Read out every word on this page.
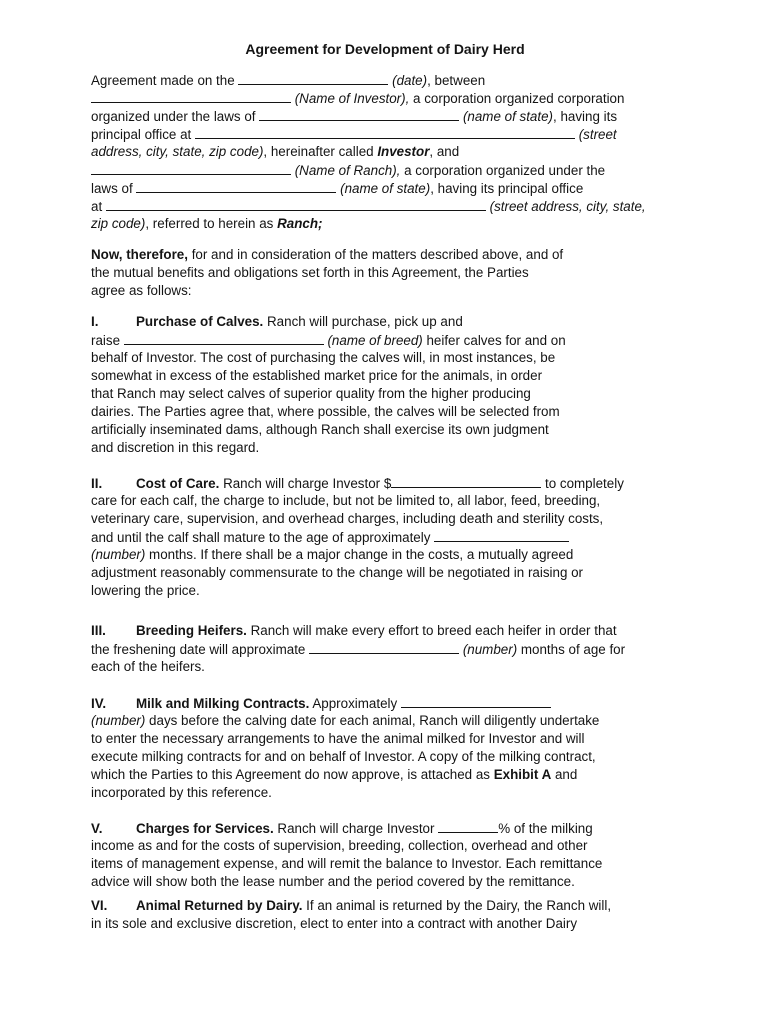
Agreement for Development of Dairy Herd
Agreement made on the	(date), between
(Name of Investor), a corporation organized corporation
organized under the laws of	(name of state), having its
principal office at	(street
address, city, state, zip code), hereinafter called Investor, and
(Name of Ranch), a corporation organized under the
laws of	(name of state), having its principal office
at	(street address, city, state,
zip code), referred to herein as Ranch;
Now, therefore, for and in consideration of the matters described above, and of
the mutual benefits and obligations set forth in this Agreement, the Parties
agree as follows:
I.	Purchase of Calves. Ranch will purchase, pick up and
raise	(name of breed) heifer calves for and on
behalf of Investor. The cost of purchasing the calves will, in most instances, be
somewhat in excess of the established market price for the animals, in order
that Ranch may select calves of superior quality from the higher producing
dairies. The Parties agree that, where possible, the calves will be selected from
artificially inseminated dams, although Ranch shall exercise its own judgment
and discretion in this regard.
II.	Cost of Care. Ranch will charge Investor $	to completely
care for each calf, the charge to include, but not be limited to, all labor, feed, breeding,
veterinary care, supervision, and overhead charges, including death and sterility costs,
and until the calf shall mature to the age of approximately
(number) months. If there shall be a major change in the costs, a mutually agreed
adjustment reasonably commensurate to the change will be negotiated in raising or
lowering the price.
III. Breeding Heifers. Ranch will make every effort to breed each heifer in order that
the freshening date will approximate	(number) months of age for
each of the heifers.
IV. Milk and Milking Contracts. Approximately
(number) days before the calving date for each animal, Ranch will diligently undertake
to enter the necessary arrangements to have the animal milked for Investor and will
execute milking contracts for and on behalf of Investor. A copy of the milking contract,
which the Parties to this Agreement do now approve, is attached as Exhibit A and
incorporated by this reference.
V.	Charges for Services. Ranch will charge Investor	% of the milking
income as and for the costs of supervision, breeding, collection, overhead and other
items of management expense, and will remit the balance to Investor. Each remittance
advice will show both the lease number and the period covered by the remittance.
VI. Animal Returned by Dairy. If an animal is returned by the Dairy, the Ranch will,
in its sole and exclusive discretion, elect to enter into a contract with another Dairy
